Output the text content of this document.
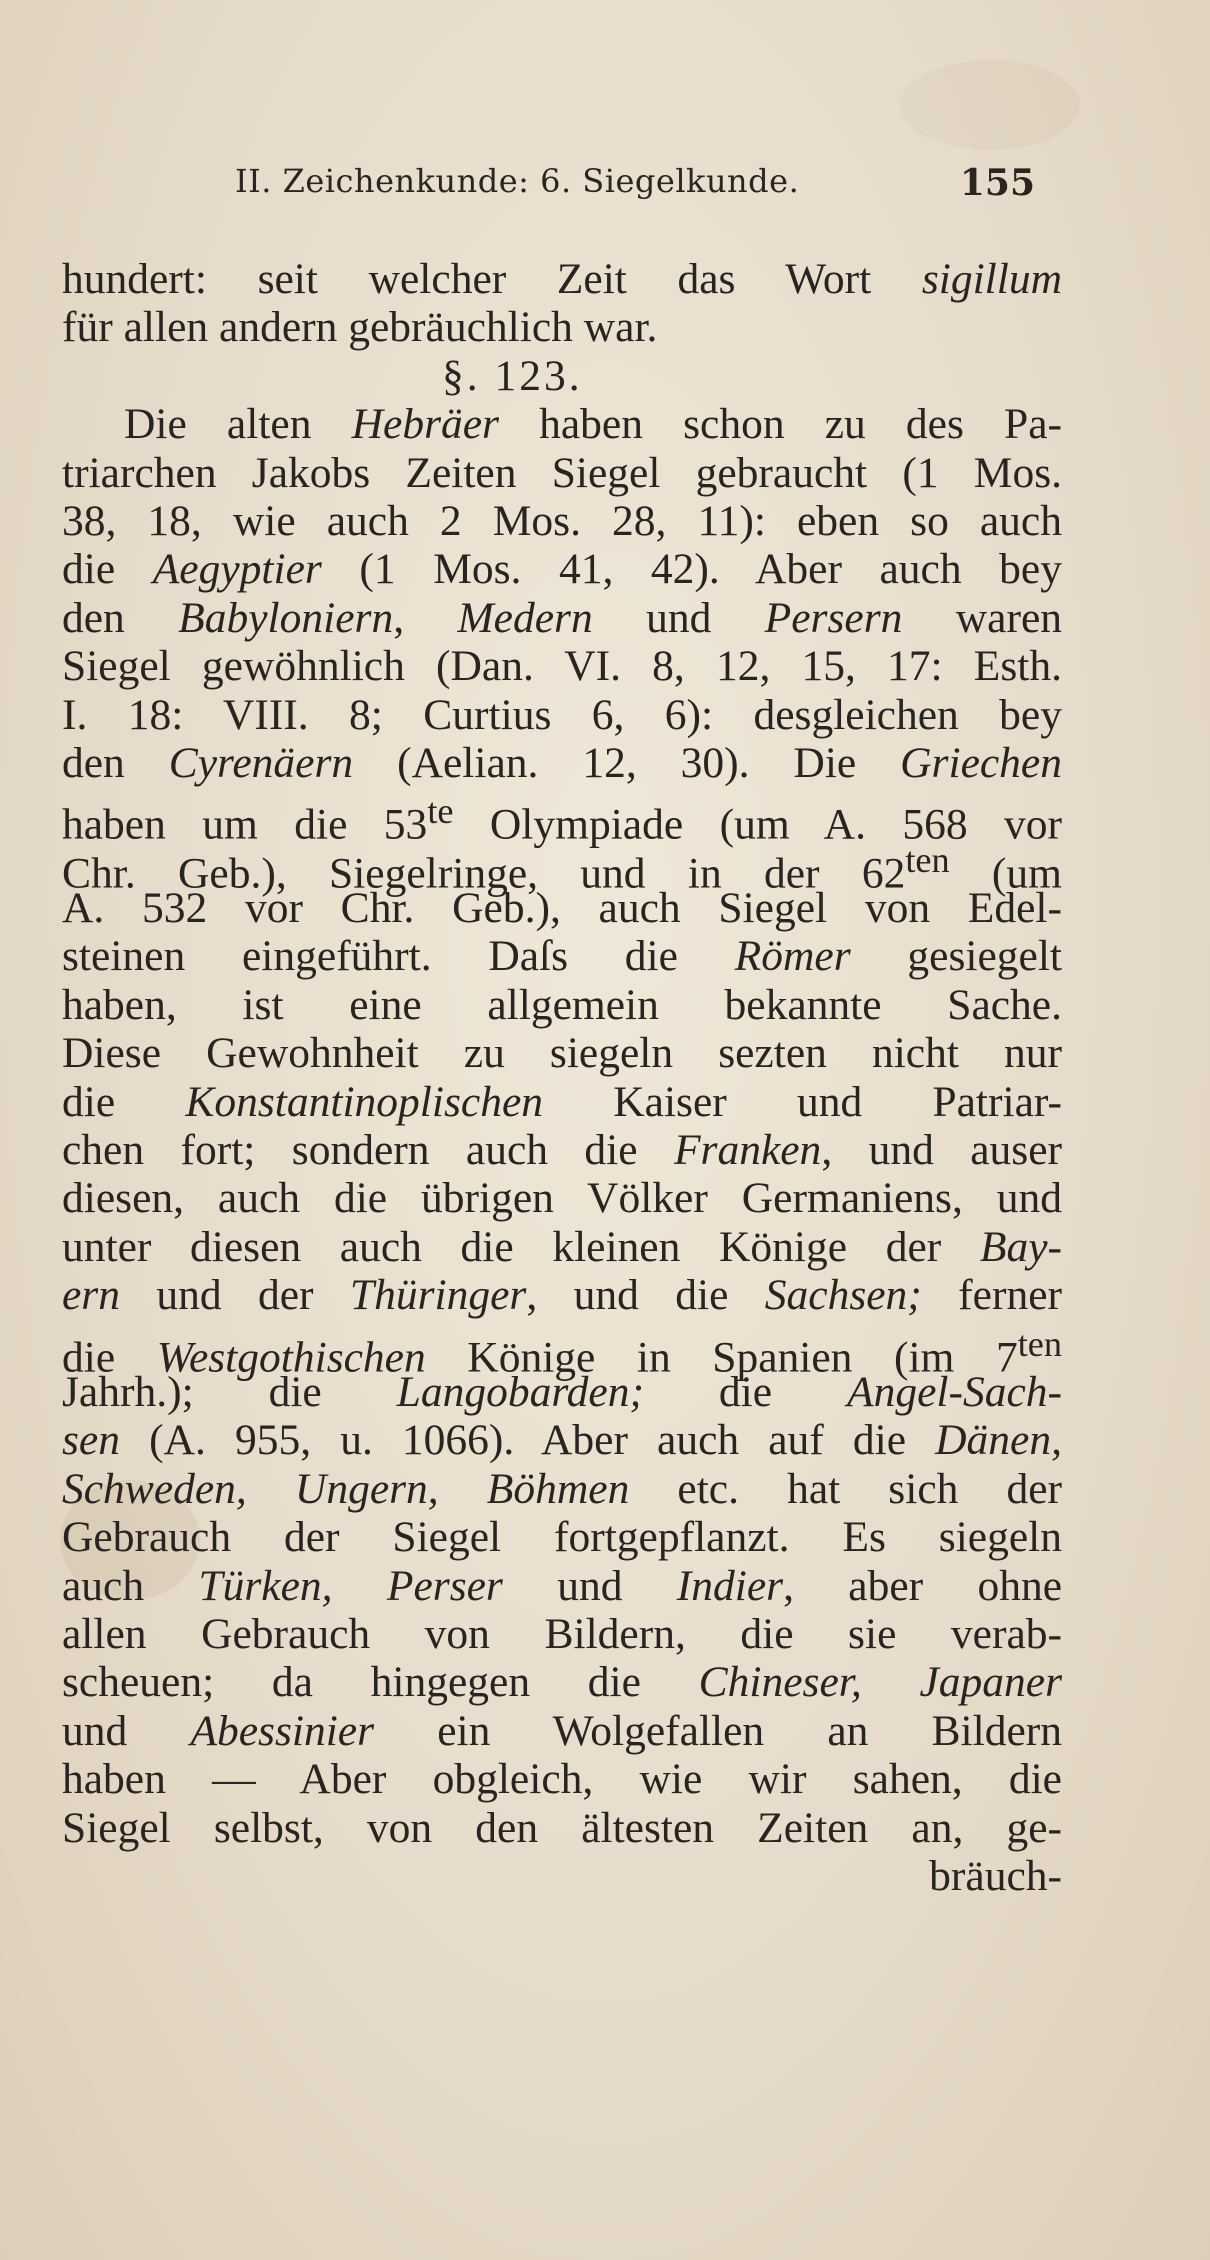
II. Zeichenkunde: 6. Siegelkunde.	155
hundert: seit welcher Zeit das Wort sigillum
für allen andern gebräuchlich war.
§. 123.
Die alten Hebräer haben schon zu des Pa-
triarchen Jakobs Zeiten Siegel gebraucht (1 Mos.
38, 18, wie auch 2 Mos. 28, 11): eben so auch
die Aegyptier (1 Mos. 41, 42). Aber auch bey
den Babyloniern, Medern und Persern waren
Siegel gewöhnlich (Dan. VI. 8, 12, 15, 17: Esth.
I. 18: VIII. 8; Curtius 6, 6): desgleichen bey
den Cyrenäern (Aelian. 12, 30). Die Griechen
haben um die $53^{te}$ Olympiade (um A. 568 vor
Chr. Geb.), Siegelringe, und in der $62^{ten}$ (um
A. 532 vor Chr. Geb.), auch Siegel von Edel-
steinen eingeführt. Daſs die Römer gesiegelt
haben, ist eine allgemein bekannte Sache.
Diese Gewohnheit zu siegeln sezten nicht nur
die Konstantinoplischen Kaiser und Patriar-
chen fort; sondern auch die Franken, und auser
diesen, auch die übrigen Völker Germaniens, und
unter diesen auch die kleinen Könige der Bay-
ern und der Thüringer, und die Sachsen; ferner
die Westgothischen Könige in Spanien (im $7^{ten}$
Jahrh.); die Langobarden; die Angel-Sach-
sen (A. 955, u. 1066). Aber auch auf die Dänen,
Schweden, Ungern, Böhmen etc. hat sich der
Gebrauch der Siegel fortgepflanzt. Es siegeln
auch Türken, Perser und Indier, aber ohne
allen Gebrauch von Bildern, die sie verab-
scheuen; da hingegen die Chineser, Japaner
und Abessinier ein Wolgefallen an Bildern
haben — Aber obgleich, wie wir sahen, die
Siegel selbst, von den ältesten Zeiten an, ge-
bräuch-
